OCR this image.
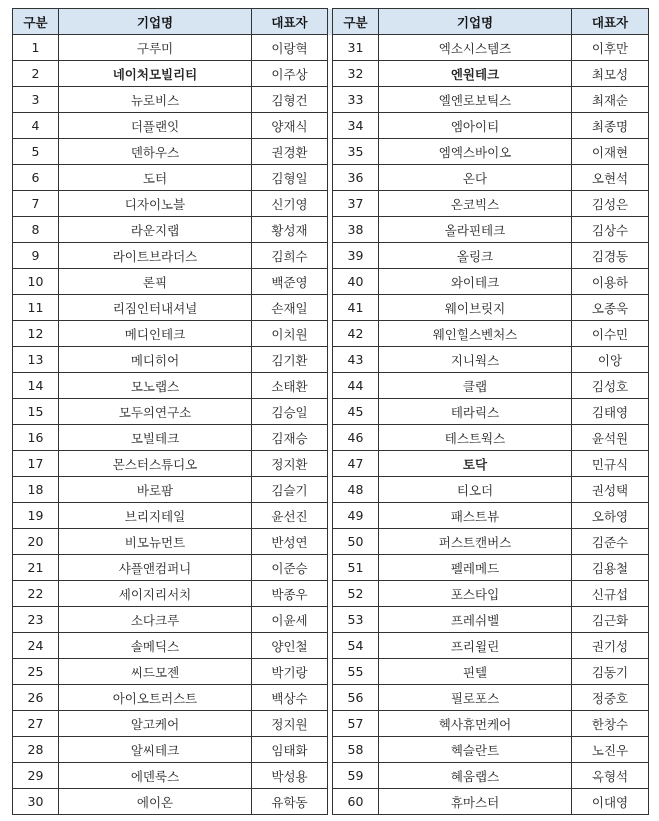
구분	기업명	대표자		구분	기업명	대표자
1	구루미	이랑혁		31	엑소시스템즈	이후만
2	네이처모빌리티	이주상		32	엔원테크	최모성
3	뉴로비스	김형건		33	엘엔로보틱스	최재순
4	더플랜잇	양재식		34	엠아이티	최종명
5	덴하우스	권경환		35	엠엑스바이오	이재현
6	도터	김형일		36	온다	오현석
7	디자이노블	신기영		37	온코빅스	김성은
8	라운지랩	황성재		38	올라핀테크	김상수
9	라이트브라더스	김희수		39	올링크	김경동
10	론픽	백준영		40	와이테크	이용하
11	리짐인터내셔널	손재일		41	웨이브릿지	오종욱
12	메디인테크	이치원		42	웨인힐스벤처스	이수민
13	메디히어	김기환		43	지니웍스	이앙
14	모노랩스	소태환		44	클랩	김성호
15	모두의연구소	김승일		45	테라릭스	김태영
16	모빌테크	김재승		46	테스트웍스	윤석원
17	몬스터스튜디오	정지환		47	토닥	민규식
18	바로팜	김슬기		48	티오더	권성택
19	브리지테일	윤선진		49	패스트뷰	오하영
20	비모뉴먼트	반성연		50	퍼스트캔버스	김준수
21	샤플앤컴퍼니	이준승		51	펠레메드	김용철
22	세이지리서치	박종우		52	포스타입	신규섭
23	소다크루	이윤세		53	프레쉬벨	김근화
24	솔메딕스	양인철		54	프리윌린	권기성
25	씨드모젠	박기랑		55	핀텔	김동기
26	아이오트러스트	백상수		56	필로포스	정중호
27	알고케어	정지원		57	헥사휴먼케어	한창수
28	알씨테크	임태화		58	헥슬란트	노진우
29	에덴룩스	박성용		59	혜움랩스	옥형석
30	에이온	유학동		60	휴마스터	이대영
